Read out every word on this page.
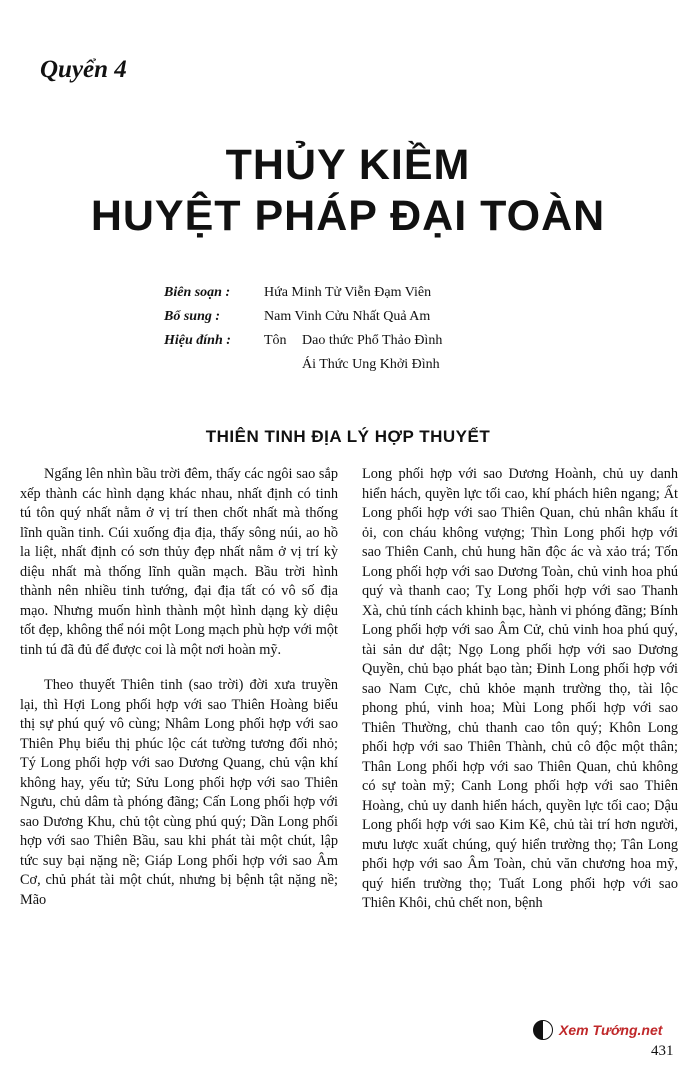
Quyển 4
THỦY KIỀM
HUYỆT PHÁP ĐẠI TOÀN
Biên soạn :	Hứa Minh Tử Viễn Đạm Viên
Bổ sung :	Nam Vinh Cửu Nhất Quả Am
Hiệu đính :	Tôn	Dao thức Phổ Thảo Đình
Ái Thức Ung Khởi Đình
THIÊN TINH ĐỊA LÝ HỢP THUYẾT

Ngẩng lên nhìn bầu trời đêm, thấy các ngôi sao sắp xếp thành các hình dạng khác nhau, nhất định có tinh tú tôn quý nhất nằm ở vị trí then chốt nhất mà thống lĩnh quần tinh. Cúi xuống địa địa, thấy sông núi, ao hồ la liệt, nhất định có sơn thủy đẹp nhất nằm ở vị trí kỳ diệu nhất mà thống lĩnh quần mạch. Bầu trời hình thành nên nhiều tinh tướng, đại địa tất có vô số địa mạo. Nhưng muốn hình thành một hình dạng kỳ diệu tốt đẹp, không thể nói một Long mạch phù hợp với một tinh tú đã đủ để được coi là một nơi hoàn mỹ.

Theo thuyết Thiên tinh (sao trời) đời xưa truyền lại, thì Hợi Long phối hợp với sao Thiên Hoàng biểu thị sự phú quý vô cùng; Nhâm Long phối hợp với sao Thiên Phụ biểu thị phúc lộc cát tường tương đối nhỏ; Tý Long phối hợp với sao Dương Quang, chủ vận khí không hay, yếu tử; Sửu Long phối hợp với sao Thiên Ngưu, chủ dâm tà phóng đãng; Cấn Long phối hợp với sao Dương Khu, chủ tột cùng phú quý; Dần Long phối hợp với sao Thiên Bầu, sau khi phát tài một chút, lập tức suy bại nặng nề; Giáp Long phối hợp với sao Âm Cơ, chủ phát tài một chút, nhưng bị bệnh tật nặng nề; Mão

Long phối hợp với sao Dương Hoành, chủ uy danh hiển hách, quyền lực tối cao, khí phách hiên ngang; Ất Long phối hợp với sao Thiên Quan, chủ nhân khẩu ít ỏi, con cháu không vượng; Thìn Long phối hợp với sao Thiên Canh, chủ hung hãn độc ác và xảo trá; Tốn Long phối hợp với sao Dương Toàn, chủ vinh hoa phú quý và thanh cao; Tỵ Long phối hợp với sao Thanh Xà, chủ tính cách khinh bạc, hành vi phóng đãng; Bính Long phối hợp với sao Âm Cử, chủ vinh hoa phú quý, tài sản dư dật; Ngọ Long phối hợp với sao Dương Quyền, chủ bạo phát bạo tàn; Đinh Long phối hợp với sao Nam Cực, chủ khỏe mạnh trường thọ, tài lộc phong phú, vinh hoa; Mùi Long phối hợp với sao Thiên Thường, chủ thanh cao tôn quý; Khôn Long phối hợp với sao Thiên Thành, chủ cô độc một thân; Thân Long phối hợp với sao Thiên Quan, chủ không có sự toàn mỹ; Canh Long phối hợp với sao Thiên Hoàng, chủ uy danh hiển hách, quyền lực tối cao; Dậu Long phối hợp với sao Kim Kê, chủ tài trí hơn người, mưu lược xuất chúng, quý hiển trường thọ; Tân Long phối hợp với sao Âm Toàn, chủ văn chương hoa mỹ, quý hiển trường thọ; Tuất Long phối hợp với sao Thiên Khôi, chủ chết non, bệnh

Xem Tướng.net
431
